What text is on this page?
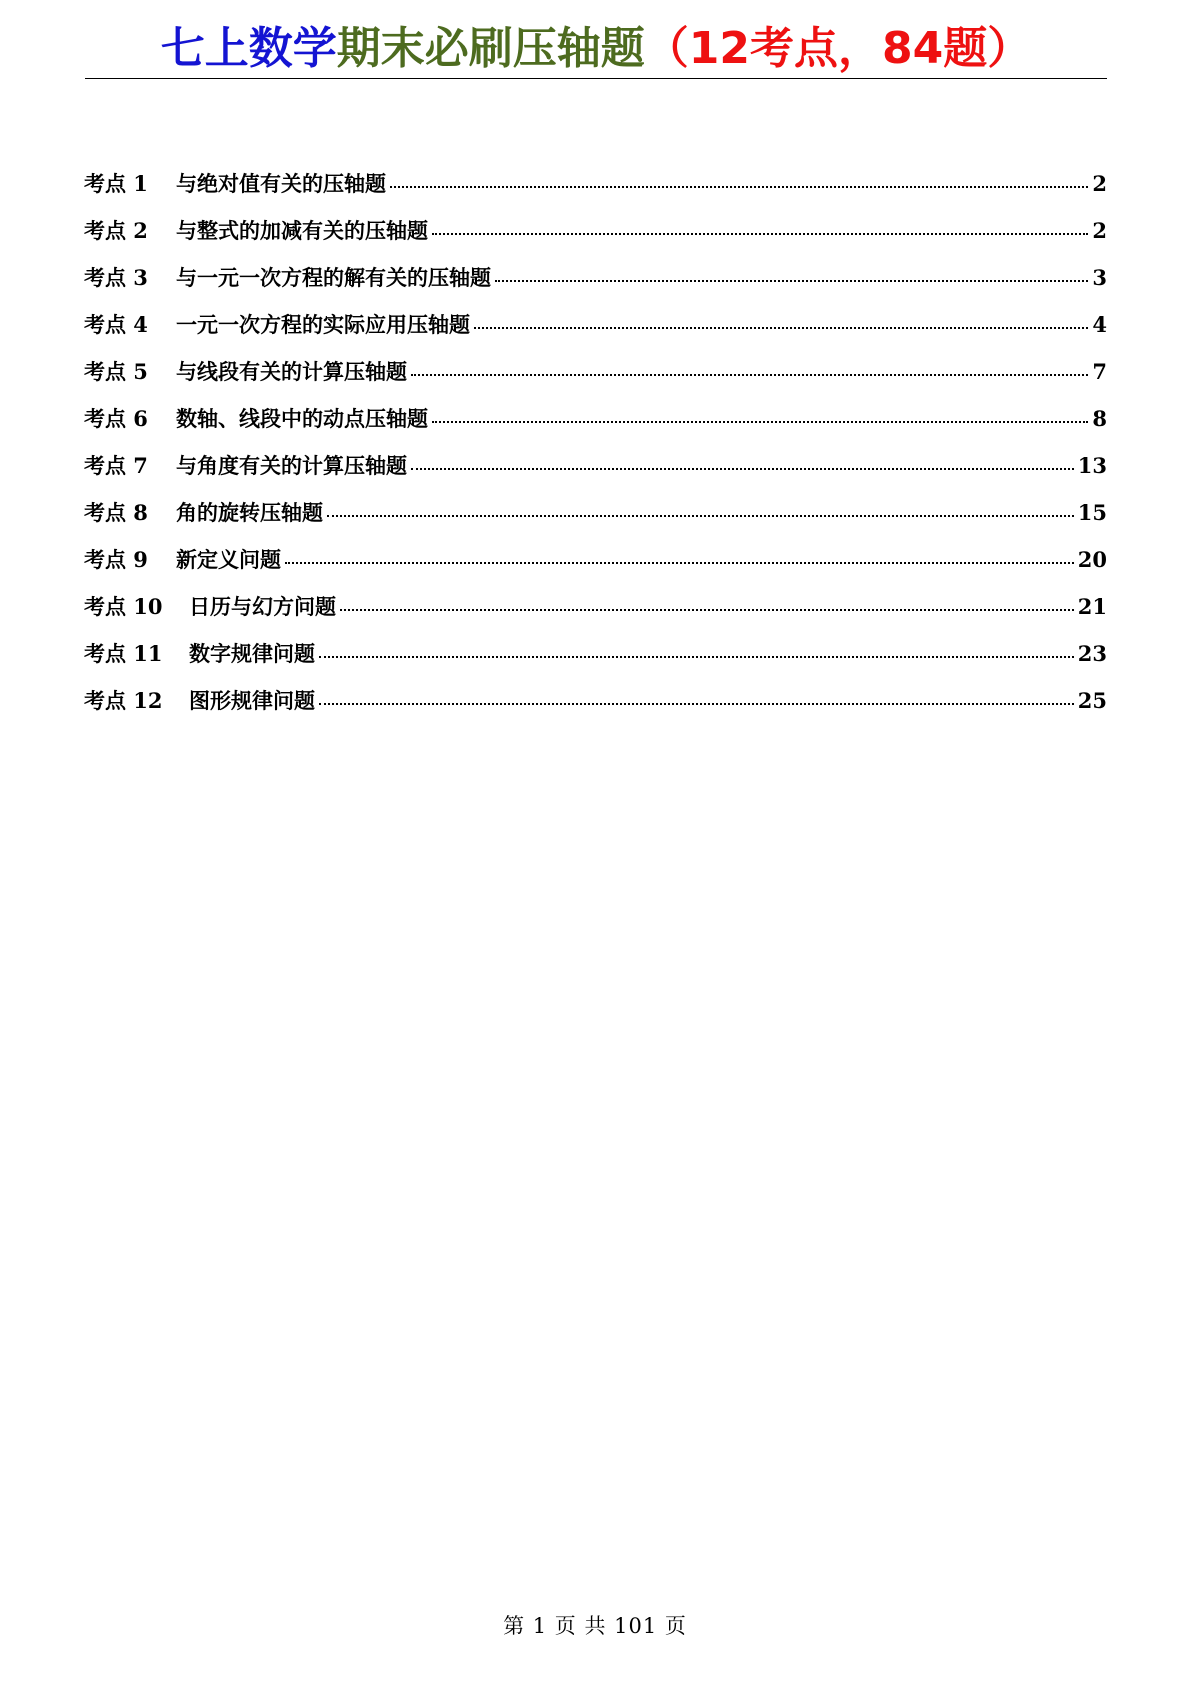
七上数学期末必刷压轴题（12考点，84题）
考点 1	与绝对值有关的压轴题	2
考点 2	与整式的加减有关的压轴题	2
考点 3	与一元一次方程的解有关的压轴题	3
考点 4	一元一次方程的实际应用压轴题	4
考点 5	与线段有关的计算压轴题	7
考点 6	数轴、线段中的动点压轴题	8
考点 7	与角度有关的计算压轴题	13
考点 8	角的旋转压轴题	15
考点 9	新定义问题	20
考点 10	日历与幻方问题	21
考点 11	数字规律问题	23
考点 12	图形规律问题	25
第 1 页 共 101 页
